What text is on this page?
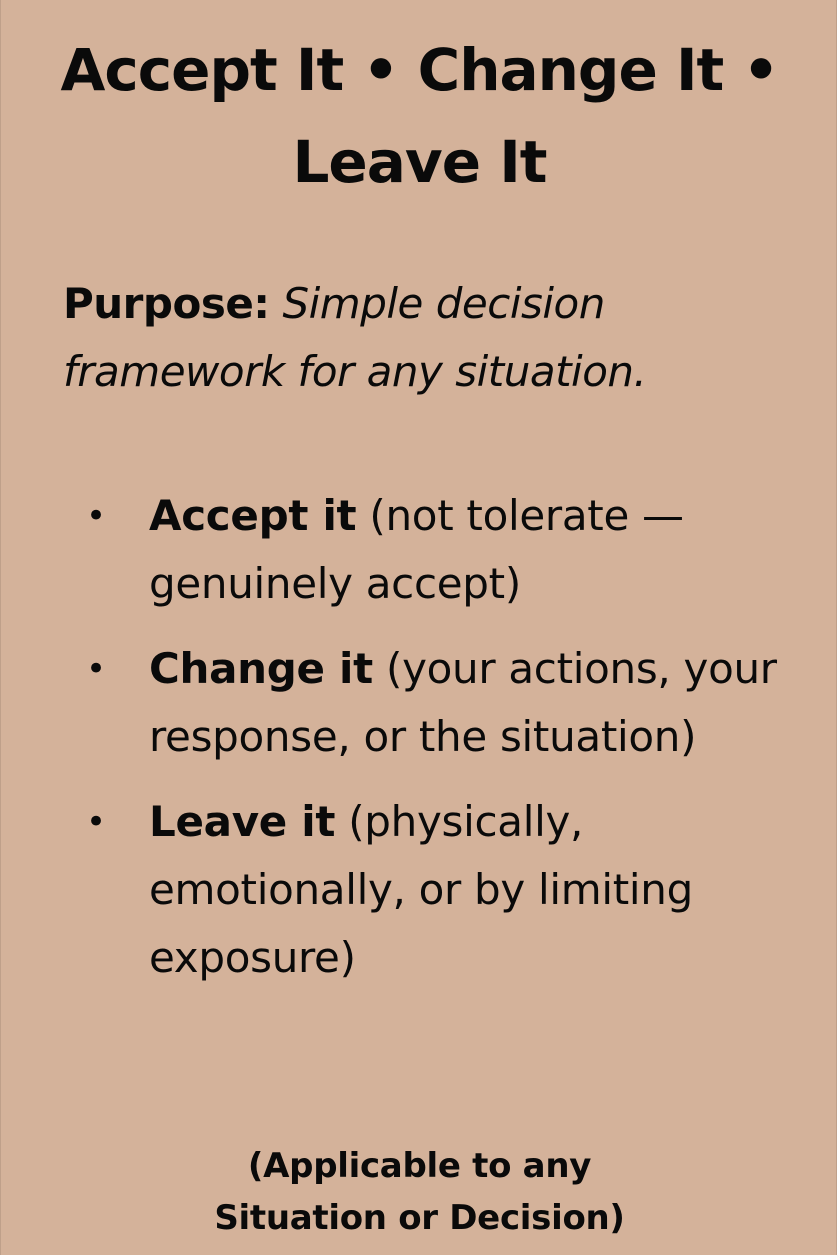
Accept It • Change It •
Leave It

Purpose: Simple decision framework for any situation.

• Accept it (not tolerate — genuinely accept)
• Change it (your actions, your response, or the situation)
• Leave it (physically, emotionally, or by limiting exposure)

(Applicable to any
Situation or Decision)
